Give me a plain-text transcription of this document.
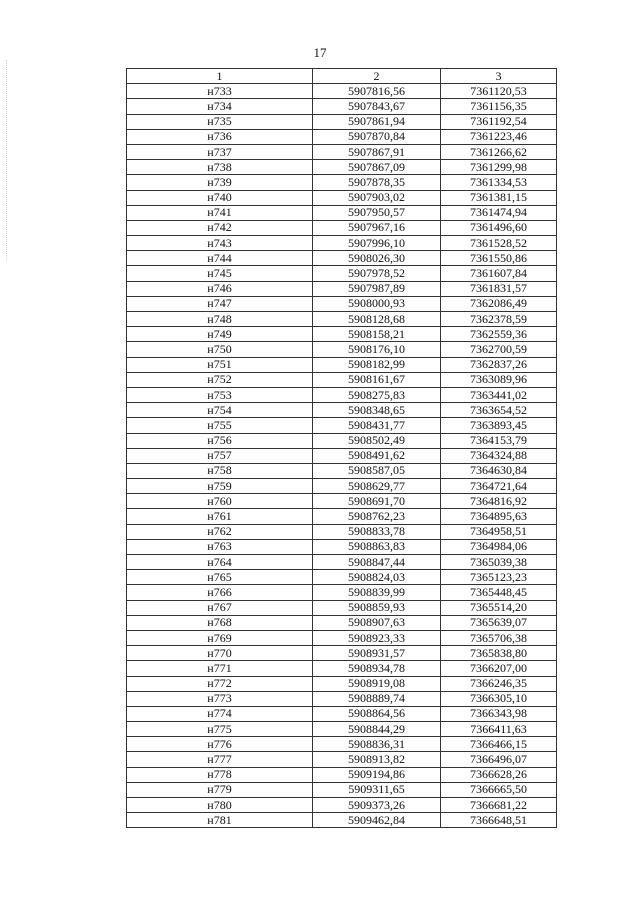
17
1	2	3
н733	5907816,56	7361120,53
н734	5907843,67	7361156,35
н735	5907861,94	7361192,54
н736	5907870,84	7361223,46
н737	5907867,91	7361266,62
н738	5907867,09	7361299,98
н739	5907878,35	7361334,53
н740	5907903,02	7361381,15
н741	5907950,57	7361474,94
н742	5907967,16	7361496,60
н743	5907996,10	7361528,52
н744	5908026,30	7361550,86
н745	5907978,52	7361607,84
н746	5907987,89	7361831,57
н747	5908000,93	7362086,49
н748	5908128,68	7362378,59
н749	5908158,21	7362559,36
н750	5908176,10	7362700,59
н751	5908182,99	7362837,26
н752	5908161,67	7363089,96
н753	5908275,83	7363441,02
н754	5908348,65	7363654,52
н755	5908431,77	7363893,45
н756	5908502,49	7364153,79
н757	5908491,62	7364324,88
н758	5908587,05	7364630,84
н759	5908629,77	7364721,64
н760	5908691,70	7364816,92
н761	5908762,23	7364895,63
н762	5908833,78	7364958,51
н763	5908863,83	7364984,06
н764	5908847,44	7365039,38
н765	5908824,03	7365123,23
н766	5908839,99	7365448,45
н767	5908859,93	7365514,20
н768	5908907,63	7365639,07
н769	5908923,33	7365706,38
н770	5908931,57	7365838,80
н771	5908934,78	7366207,00
н772	5908919,08	7366246,35
н773	5908889,74	7366305,10
н774	5908864,56	7366343,98
н775	5908844,29	7366411,63
н776	5908836,31	7366466,15
н777	5908913,82	7366496,07
н778	5909194,86	7366628,26
н779	5909311,65	7366665,50
н780	5909373,26	7366681,22
н781	5909462,84	7366648,51
